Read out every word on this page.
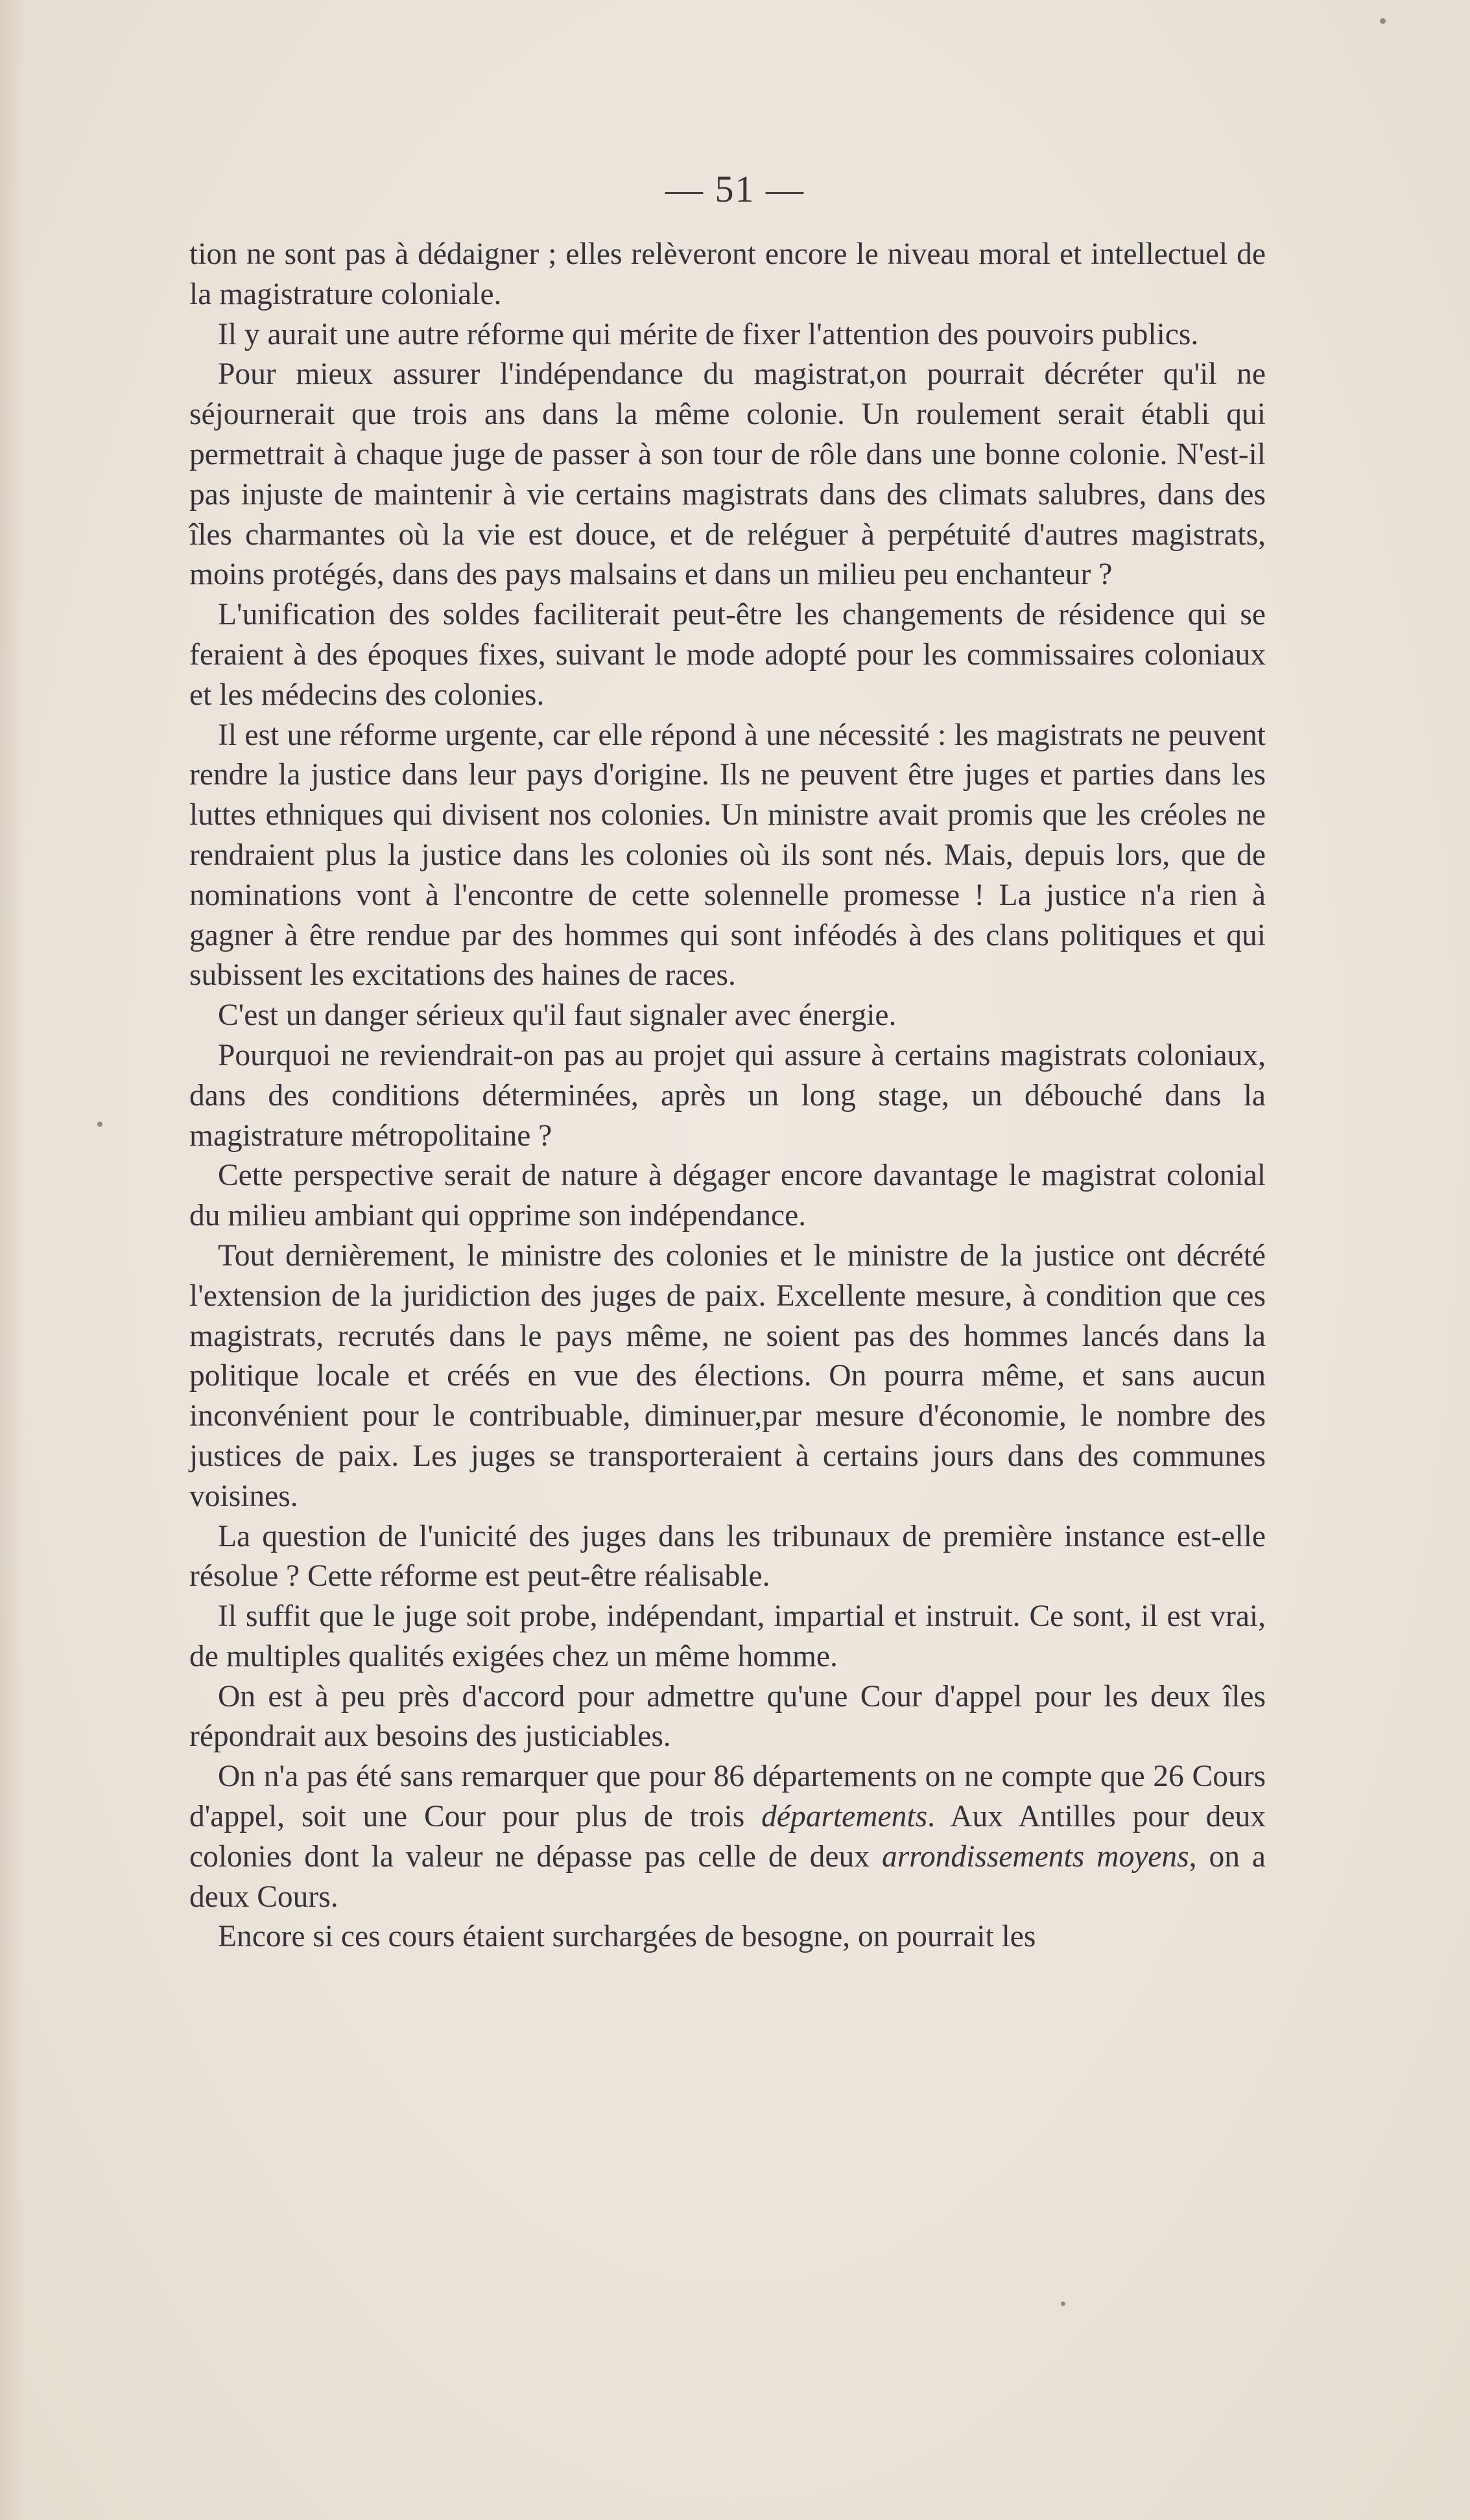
— 51 —

tion ne sont pas à dédaigner ; elles relèveront encore le niveau moral et intellectuel de la magistrature coloniale.

Il y aurait une autre réforme qui mérite de fixer l'attention des pouvoirs publics.

Pour mieux assurer l'indépendance du magistrat,on pourrait décréter qu'il ne séjournerait que trois ans dans la même colonie. Un roulement serait établi qui permettrait à chaque juge de passer à son tour de rôle dans une bonne colonie. N'est-il pas injuste de maintenir à vie certains magistrats dans des climats salubres, dans des îles charmantes où la vie est douce, et de reléguer à perpétuité d'autres magistrats, moins protégés, dans des pays malsains et dans un milieu peu enchanteur ?

L'unification des soldes faciliterait peut-être les changements de résidence qui se feraient à des époques fixes, suivant le mode adopté pour les commissaires coloniaux et les médecins des colonies.

Il est une réforme urgente, car elle répond à une nécessité : les magistrats ne peuvent rendre la justice dans leur pays d'origine. Ils ne peuvent être juges et parties dans les luttes ethniques qui divisent nos colonies. Un ministre avait promis que les créoles ne rendraient plus la justice dans les colonies où ils sont nés. Mais, depuis lors, que de nominations vont à l'encontre de cette solennelle promesse ! La justice n'a rien à gagner à être rendue par des hommes qui sont inféodés à des clans politiques et qui subissent les excitations des haines de races.

C'est un danger sérieux qu'il faut signaler avec énergie.

Pourquoi ne reviendrait-on pas au projet qui assure à certains magistrats coloniaux, dans des conditions déterminées, après un long stage, un débouché dans la magistrature métropolitaine ?

Cette perspective serait de nature à dégager encore davantage le magistrat colonial du milieu ambiant qui opprime son indépendance.

Tout dernièrement, le ministre des colonies et le ministre de la justice ont décrété l'extension de la juridiction des juges de paix. Excellente mesure, à condition que ces magistrats, recrutés dans le pays même, ne soient pas des hommes lancés dans la politique locale et créés en vue des élections. On pourra même, et sans aucun inconvénient pour le contribuable, diminuer,par mesure d'économie, le nombre des justices de paix. Les juges se transporteraient à certains jours dans des communes voisines.

La question de l'unicité des juges dans les tribunaux de première instance est-elle résolue ? Cette réforme est peut-être réalisable.

Il suffit que le juge soit probe, indépendant, impartial et instruit. Ce sont, il est vrai, de multiples qualités exigées chez un même homme.

On est à peu près d'accord pour admettre qu'une Cour d'appel pour les deux îles répondrait aux besoins des justiciables.

On n'a pas été sans remarquer que pour 86 départements on ne compte que 26 Cours d'appel, soit une Cour pour plus de trois départements. Aux Antilles pour deux colonies dont la valeur ne dépasse pas celle de deux arrondissements moyens, on a deux Cours.

Encore si ces cours étaient surchargées de besogne, on pourrait les
